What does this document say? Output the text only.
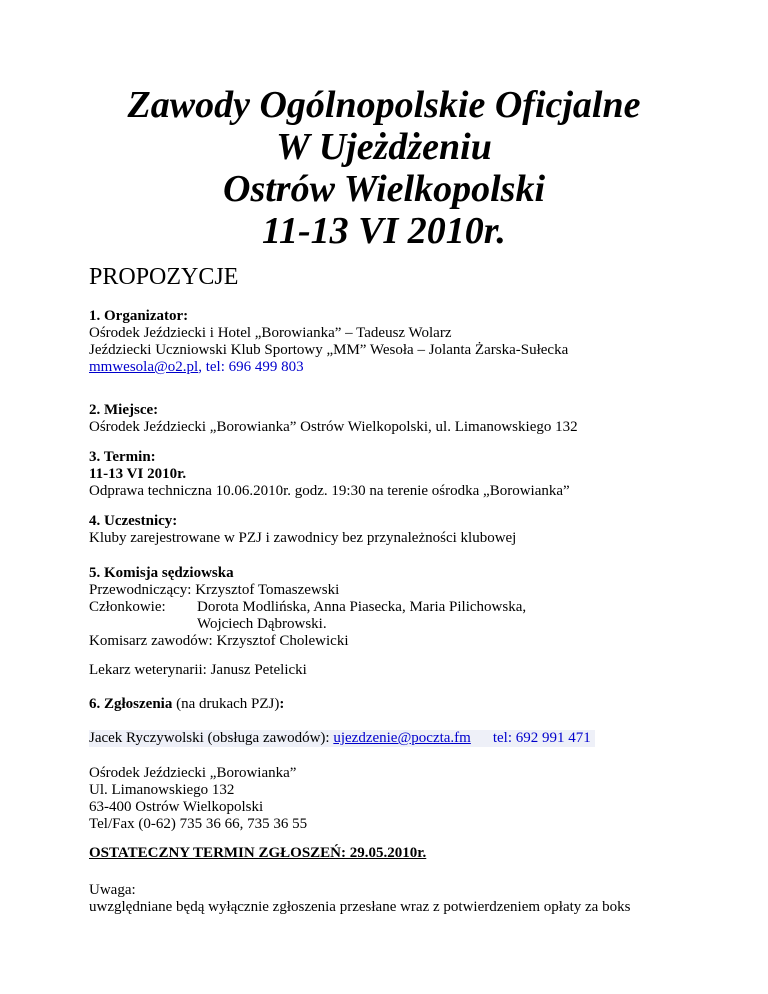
Zawody Ogólnopolskie Oficjalne
W Ujeżdżeniu
Ostrów Wielkopolski
11-13 VI 2010r.
PROPOZYCJE
1. Organizator:
Ośrodek Jeździecki i Hotel „Borowianka” – Tadeusz Wolarz
Jeździecki Uczniowski Klub Sportowy „MM” Wesoła – Jolanta Żarska-Sułecka
mmwesola@o2.pl, tel: 696 499 803
2. Miejsce:
Ośrodek Jeździecki „Borowianka” Ostrów Wielkopolski, ul. Limanowskiego 132
3. Termin:
11-13 VI 2010r.
Odprawa techniczna 10.06.2010r. godz. 19:30 na terenie ośrodka „Borowianka”
4. Uczestnicy:
Kluby zarejestrowane w PZJ i zawodnicy bez przynależności klubowej
5. Komisja sędziowska
Przewodniczący: Krzysztof Tomaszewski
Członkowie: Dorota Modlińska, Anna Piasecka, Maria Pilichowska,
Wojciech Dąbrowski.
Komisarz zawodów: Krzysztof Cholewicki
Lekarz weterynarii: Janusz Petelicki
6. Zgłoszenia (na drukach PZJ):
Jacek Ryczywolski (obsługa zawodów): ujezdzenie@poczta.fm tel: 692 991 471
Ośrodek Jeździecki „Borowianka”
Ul. Limanowskiego 132
63-400 Ostrów Wielkopolski
Tel/Fax (0-62) 735 36 66, 735 36 55
OSTATECZNY TERMIN ZGŁOSZEŃ: 29.05.2010r.
Uwaga:
uwzględniane będą wyłącznie zgłoszenia przesłane wraz z potwierdzeniem opłaty za boks
